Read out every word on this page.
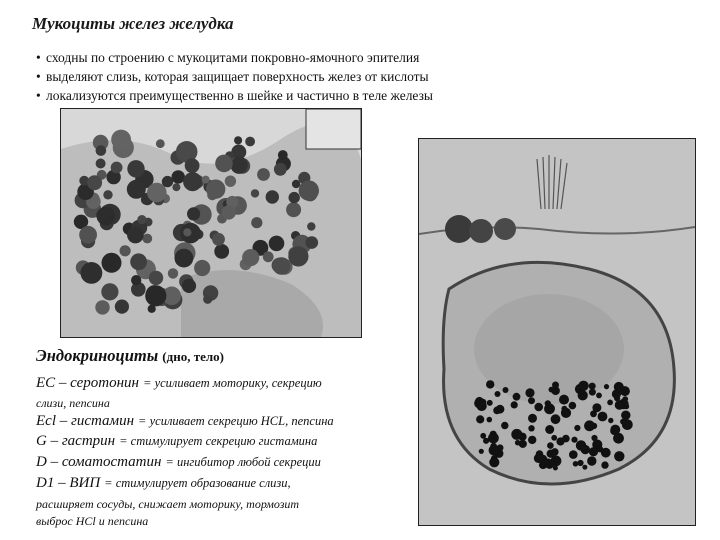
Мукоциты желез желудка
• сходны по строению с мукоцитами покровно-ямочного эпителия
• выделяют слизь, которая защищает поверхность желез от кислоты
• локализуются преимущественно в шейке и частично в теле железы
Эндокриноциты (дно, тело)
EC – серотонин = усиливает моторику, секрецию
слизи, пепсина
Ecl – гистамин = усиливает секрецию HCL, пепсина
G – гастрин = стимулирует секрецию гистамина
D – соматостатин = ингибитор любой секреции
D1 – ВИП = стимулирует образование слизи,
расширяет сосуды, снижает моторику, тормозит
выброс HCl и пепсина
